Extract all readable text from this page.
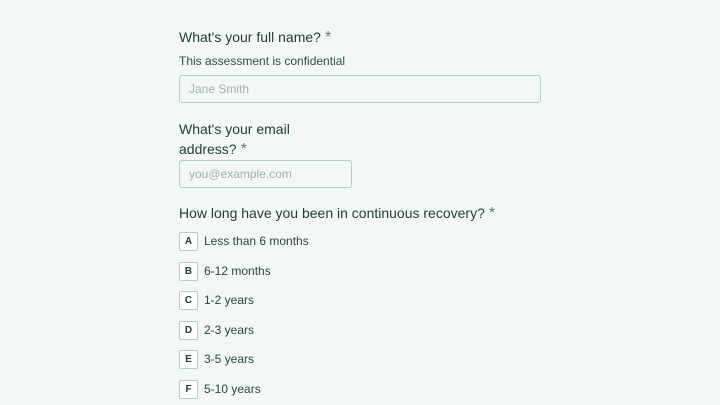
What's your full name? *
This assessment is confidential
Jane Smith
What's your email
address? *
you@example.com
How long have you been in continuous recovery? *
A Less than 6 months
B 6-12 months
C 1-2 years
D 2-3 years
E	3-5 years
F	5-10 years
